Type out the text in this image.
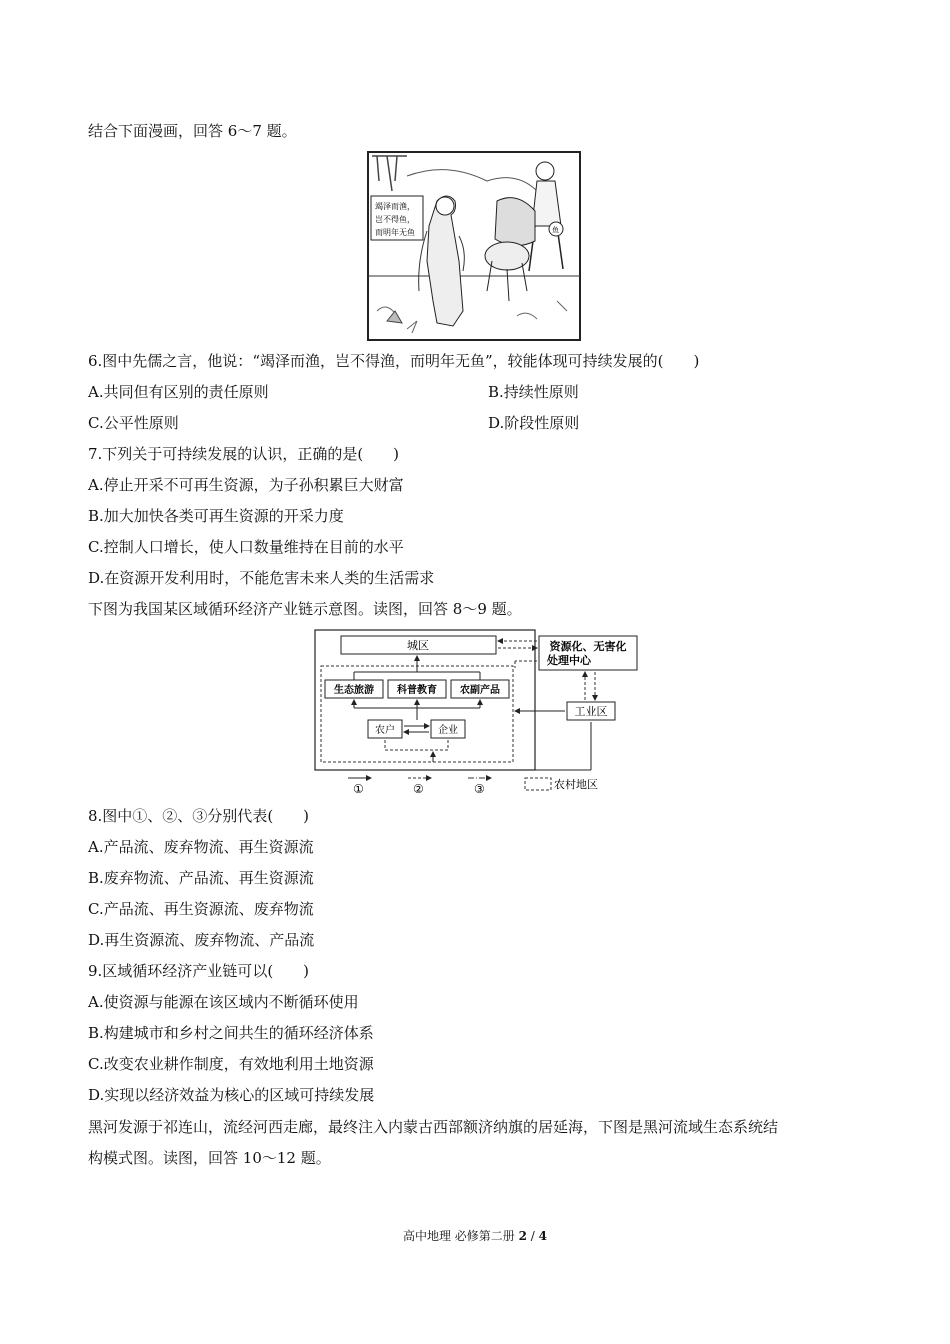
结合下面漫画，回答 6～7 题。
竭泽而渔，
岂不得鱼，
而明年无鱼	鱼
6.图中先儒之言，他说：“竭泽而渔，岂不得渔，而明年无鱼”，较能体现可持续发展的(　　)
A.共同但有区别的责任原则	B.持续性原则
C.公平性原则	D.阶段性原则
7.下列关于可持续发展的认识，正确的是(　　)
A.停止开采不可再生资源，为子孙积累巨大财富
B.加大加快各类可再生资源的开采力度
C.控制人口增长，使人口数量维持在目前的水平
D.在资源开发利用时，不能危害未来人类的生活需求
下图为我国某区域循环经济产业链示意图。读图，回答 8～9 题。
城区
生态旅游 科普教育 农副产品
农户	企业
资源化、无害化
处理中心
工业区
①	②	③	农村地区
8.图中①、②、③分别代表(　　)
A.产品流、废弃物流、再生资源流
B.废弃物流、产品流、再生资源流
C.产品流、再生资源流、废弃物流
D.再生资源流、废弃物流、产品流
9.区域循环经济产业链可以(　　)
A.使资源与能源在该区域内不断循环使用
B.构建城市和乡村之间共生的循环经济体系
C.改变农业耕作制度，有效地利用土地资源
D.实现以经济效益为核心的区域可持续发展
黑河发源于祁连山，流经河西走廊，最终注入内蒙古西部额济纳旗的居延海，下图是黑河流域生态系统结
构模式图。读图，回答 10～12 题。
高中地理 必修第二册 2 / 4
